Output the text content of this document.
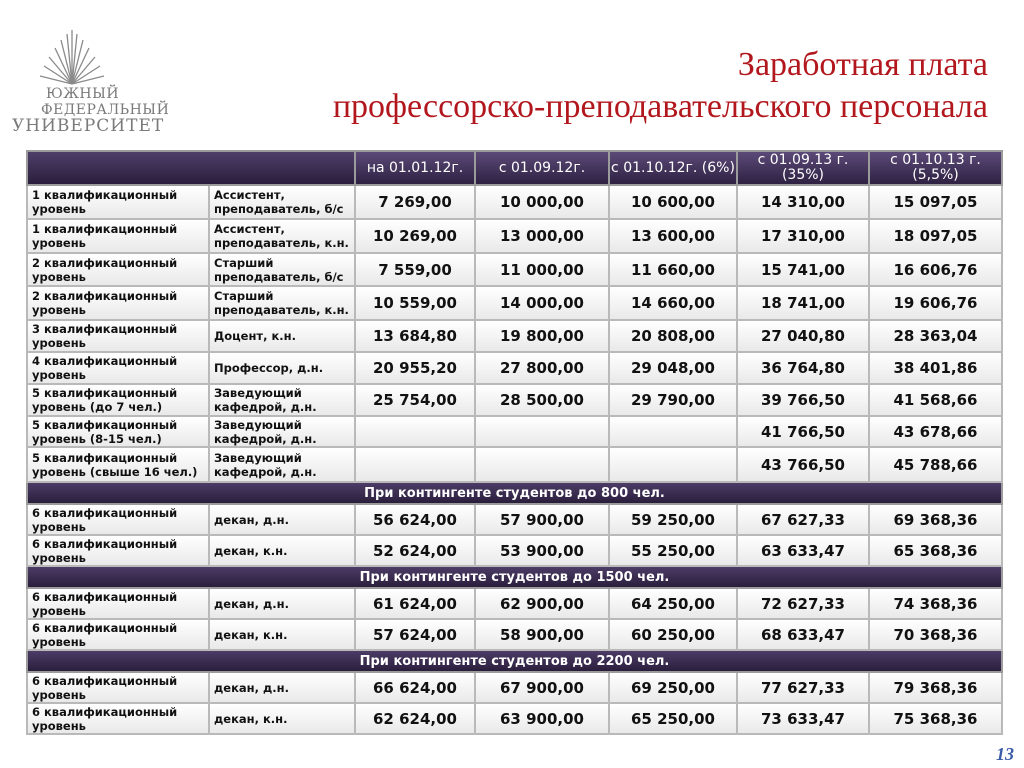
ЮЖНЫЙ
ФЕДЕРАЛЬНЫЙ
УНИВЕРСИТЕТ
Заработная плата
профессорско-преподавательского персонала
		на 01.01.12г.	с 01.09.12г.	с 01.10.12г. (6%)	с 01.09.13 г. (35%)	с 01.10.13 г. (5,5%)
1 квалификационный уровень	Ассистент, преподаватель, б/с	7 269,00	10 000,00	10 600,00	14 310,00	15 097,05
1 квалификационный уровень	Ассистент, преподаватель, к.н.	10 269,00	13 000,00	13 600,00	17 310,00	18 097,05
2 квалификационный уровень	Старший преподаватель, б/с	7 559,00	11 000,00	11 660,00	15 741,00	16 606,76
2 квалификационный уровень	Старший преподаватель, к.н.	10 559,00	14 000,00	14 660,00	18 741,00	19 606,76
3 квалификационный уровень	Доцент, к.н.	13 684,80	19 800,00	20 808,00	27 040,80	28 363,04
4 квалификационный уровень	Профессор, д.н.	20 955,20	27 800,00	29 048,00	36 764,80	38 401,86
5 квалификационный уровень (до 7 чел.)	Заведующий кафедрой, д.н.	25 754,00	28 500,00	29 790,00	39 766,50	41 568,66
5 квалификационный уровень (8-15 чел.)	Заведующий кафедрой, д.н.				41 766,50	43 678,66
5 квалификационный уровень (свыше 16 чел.)	Заведующий кафедрой, д.н.				43 766,50	45 788,66
При контингенте студентов до 800 чел.						
6 квалификационный уровень	декан, д.н.	56 624,00	57 900,00	59 250,00	67 627,33	69 368,36
6 квалификационный уровень	декан, к.н.	52 624,00	53 900,00	55 250,00	63 633,47	65 368,36
При контингенте студентов до 1500 чел.						
6 квалификационный уровень	декан, д.н.	61 624,00	62 900,00	64 250,00	72 627,33	74 368,36
6 квалификационный уровень	декан, к.н.	57 624,00	58 900,00	60 250,00	68 633,47	70 368,36
При контингенте студентов до 2200 чел.						
6 квалификационный уровень	декан, д.н.	66 624,00	67 900,00	69 250,00	77 627,33	79 368,36
6 квалификационный уровень	декан, к.н.	62 624,00	63 900,00	65 250,00	73 633,47	75 368,36
13
